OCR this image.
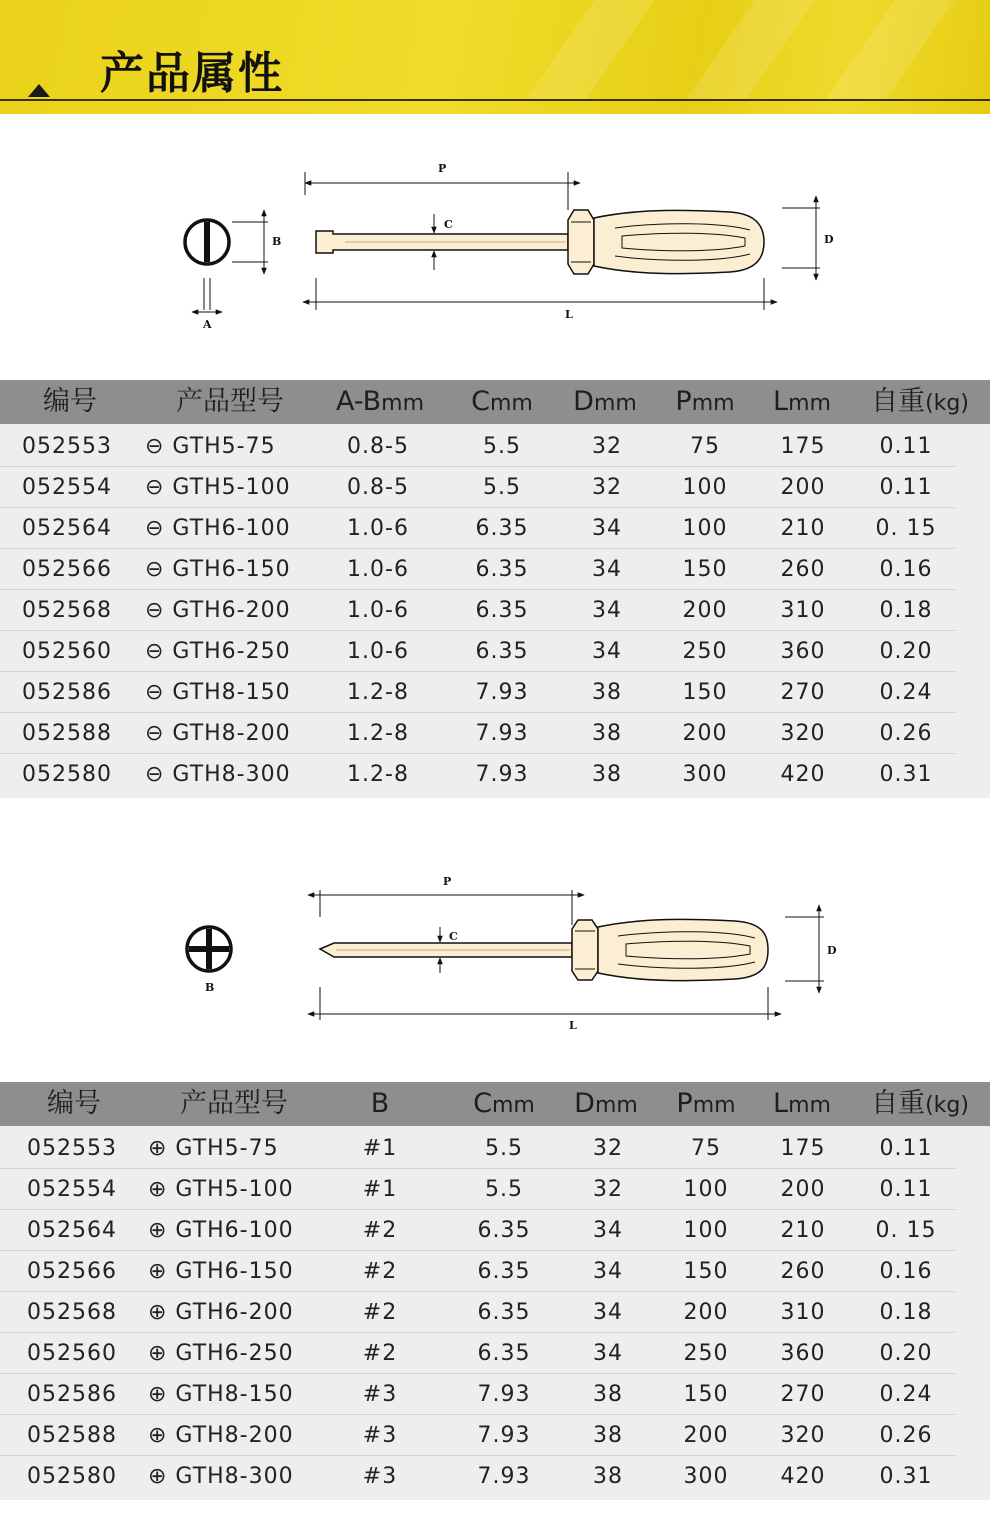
产品属性
B
A
P
C
D
L
编号	产品型号	A-Bmm	Cmm	Dmm	Pmm	Lmm	自重(kg)
052553	⊖ GTH5-75	0.8-5	5.5	32	75	175	0.11
052554	⊖ GTH5-100	0.8-5	5.5	32	100	200	0.11
052564	⊖ GTH6-100	1.0-6	6.35	34	100	210	0. 15
052566	⊖ GTH6-150	1.0-6	6.35	34	150	260	0.16
052568	⊖ GTH6-200	1.0-6	6.35	34	200	310	0.18
052560	⊖ GTH6-250	1.0-6	6.35	34	250	360	0.20
052586	⊖ GTH8-150	1.2-8	7.93	38	150	270	0.24
052588	⊖ GTH8-200	1.2-8	7.93	38	200	320	0.26
052580	⊖ GTH8-300	1.2-8	7.93	38	300	420	0.31
B
P
C
D
L
编号	产品型号	B	Cmm	Dmm	Pmm	Lmm	自重(kg)
052553	⊕ GTH5-75	#1	5.5	32	75	175	0.11
052554	⊕ GTH5-100	#1	5.5	32	100	200	0.11
052564	⊕ GTH6-100	#2	6.35	34	100	210	0. 15
052566	⊕ GTH6-150	#2	6.35	34	150	260	0.16
052568	⊕ GTH6-200	#2	6.35	34	200	310	0.18
052560	⊕ GTH6-250	#2	6.35	34	250	360	0.20
052586	⊕ GTH8-150	#3	7.93	38	150	270	0.24
052588	⊕ GTH8-200	#3	7.93	38	200	320	0.26
052580	⊕ GTH8-300	#3	7.93	38	300	420	0.31
